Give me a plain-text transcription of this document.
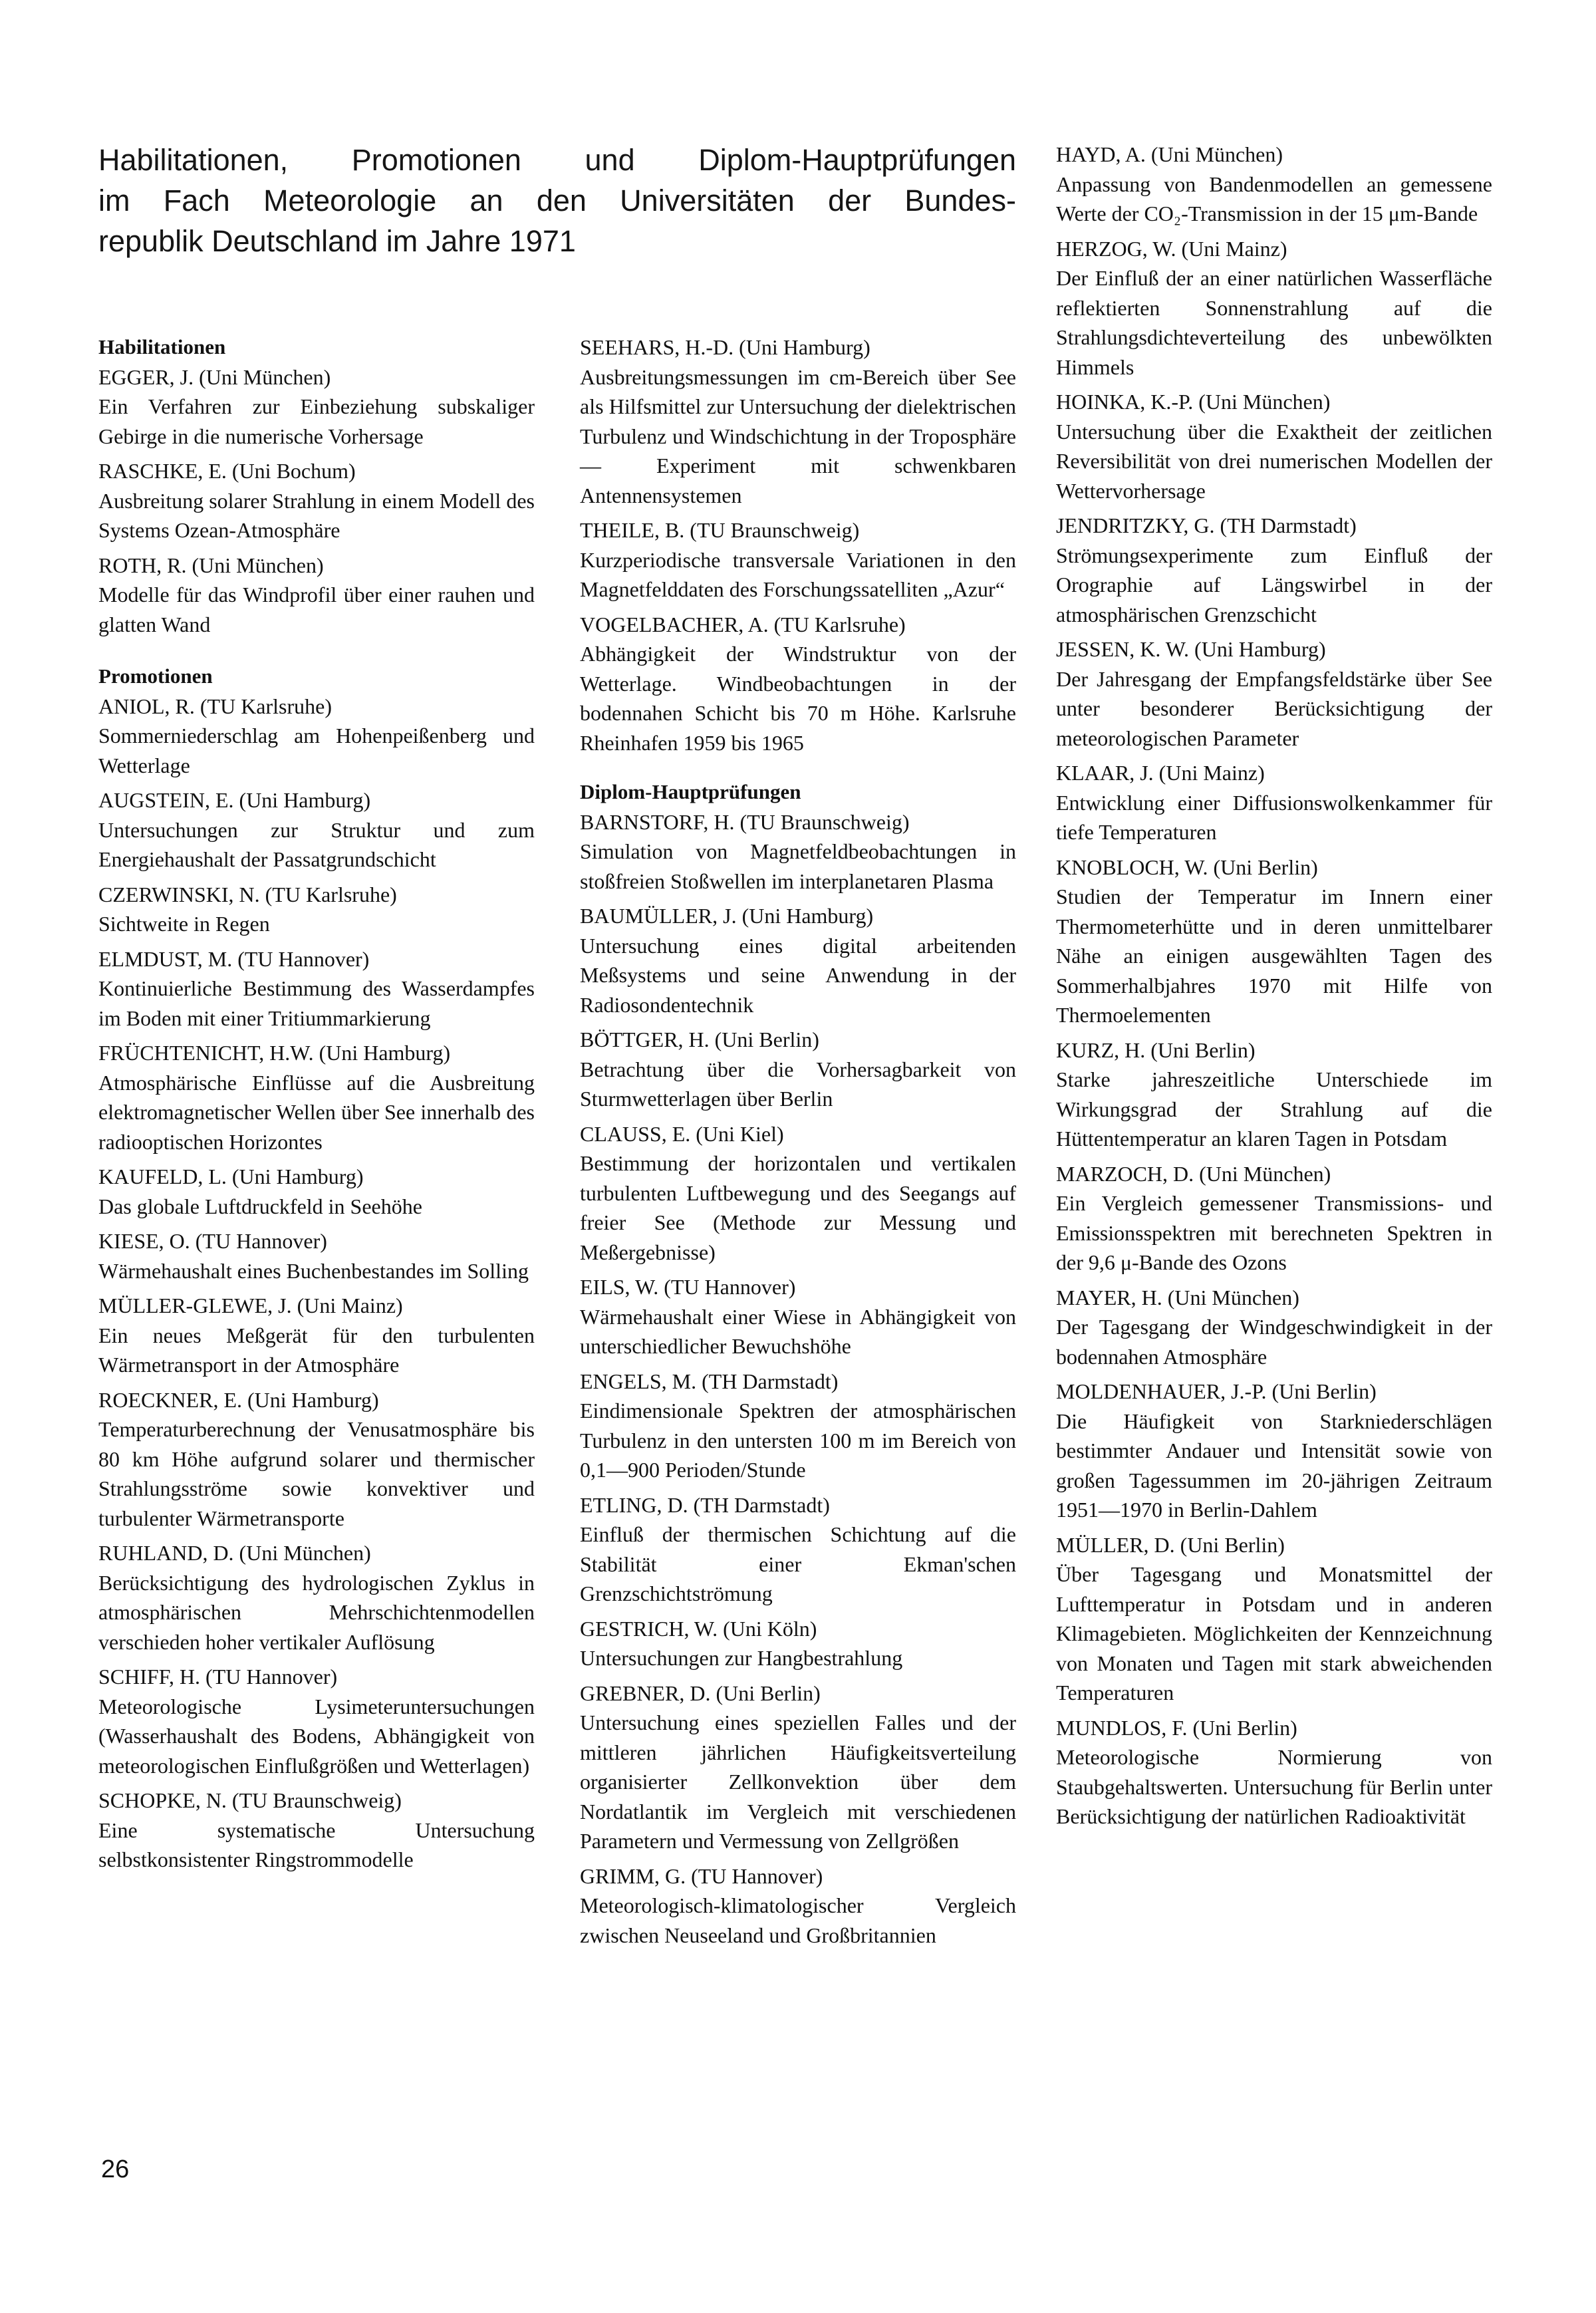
Habilitationen, Promotionen und Diplom-Hauptprüfungen
im Fach Meteorologie an den Universitäten der Bundes-
republik Deutschland im Jahre 1971
Habilitationen
EGGER, J. (Uni München)
Ein Verfahren zur Einbeziehung subskaliger Gebirge in die numerische Vorhersage
RASCHKE, E. (Uni Bochum)
Ausbreitung solarer Strahlung in einem Modell des Systems Ozean-Atmosphäre
ROTH, R. (Uni München)
Modelle für das Windprofil über einer rauhen und glatten Wand
Promotionen
ANIOL, R. (TU Karlsruhe)
Sommerniederschlag am Hohenpeißenberg und Wetterlage
AUGSTEIN, E. (Uni Hamburg)
Untersuchungen zur Struktur und zum Energiehaushalt der Passatgrundschicht
CZERWINSKI, N. (TU Karlsruhe)
Sichtweite in Regen
ELMDUST, M. (TU Hannover)
Kontinuierliche Bestimmung des Wasserdampfes im Boden mit einer Tritiummarkierung
FRÜCHTENICHT, H.W. (Uni Hamburg)
Atmosphärische Einflüsse auf die Ausbreitung elektromagnetischer Wellen über See innerhalb des radiooptischen Horizontes
KAUFELD, L. (Uni Hamburg)
Das globale Luftdruckfeld in Seehöhe
KIESE, O. (TU Hannover)
Wärmehaushalt eines Buchenbestandes im Solling
MÜLLER-GLEWE, J. (Uni Mainz)
Ein neues Meßgerät für den turbulenten Wärmetransport in der Atmosphäre
ROECKNER, E. (Uni Hamburg)
Temperaturberechnung der Venusatmosphäre bis 80 km Höhe aufgrund solarer und thermischer Strahlungsströme sowie konvektiver und turbulenter Wärmetransporte
RUHLAND, D. (Uni München)
Berücksichtigung des hydrologischen Zyklus in atmosphärischen Mehrschichtenmodellen verschieden hoher vertikaler Auflösung
SCHIFF, H. (TU Hannover)
Meteorologische Lysimeteruntersuchungen (Wasserhaushalt des Bodens, Abhängigkeit von meteorologischen Einflußgrößen und Wetterlagen)
SCHOPKE, N. (TU Braunschweig)
Eine systematische Untersuchung selbstkonsistenter Ringstrommodelle
SEEHARS, H.-D. (Uni Hamburg)
Ausbreitungsmessungen im cm-Bereich über See als Hilfsmittel zur Untersuchung der dielektrischen Turbulenz und Windschichtung in der Troposphäre — Experiment mit schwenkbaren Antennensystemen
THEILE, B. (TU Braunschweig)
Kurzperiodische transversale Variationen in den Magnetfelddaten des Forschungssatelliten „Azur“
VOGELBACHER, A. (TU Karlsruhe)
Abhängigkeit der Windstruktur von der Wetterlage. Windbeobachtungen in der bodennahen Schicht bis 70 m Höhe. Karlsruhe Rheinhafen 1959 bis 1965
Diplom-Hauptprüfungen
BARNSTORF, H. (TU Braunschweig)
Simulation von Magnetfeldbeobachtungen in stoßfreien Stoßwellen im interplanetaren Plasma
BAUMÜLLER, J. (Uni Hamburg)
Untersuchung eines digital arbeitenden Meßsystems und seine Anwendung in der Radiosondentechnik
BÖTTGER, H. (Uni Berlin)
Betrachtung über die Vorhersagbarkeit von Sturmwetterlagen über Berlin
CLAUSS, E. (Uni Kiel)
Bestimmung der horizontalen und vertikalen turbulenten Luftbewegung und des Seegangs auf freier See (Methode zur Messung und Meßergebnisse)
EILS, W. (TU Hannover)
Wärmehaushalt einer Wiese in Abhängigkeit von unterschiedlicher Bewuchshöhe
ENGELS, M. (TH Darmstadt)
Eindimensionale Spektren der atmosphärischen Turbulenz in den untersten 100 m im Bereich von 0,1—900 Perioden/Stunde
ETLING, D. (TH Darmstadt)
Einfluß der thermischen Schichtung auf die Stabilität einer Ekman'schen Grenzschichtströmung
GESTRICH, W. (Uni Köln)
Untersuchungen zur Hangbestrahlung
GREBNER, D. (Uni Berlin)
Untersuchung eines speziellen Falles und der mittleren jährlichen Häufigkeitsverteilung organisierter Zellkonvektion über dem Nordatlantik im Vergleich mit verschiedenen Parametern und Vermessung von Zellgrößen
GRIMM, G. (TU Hannover)
Meteorologisch-klimatologischer Vergleich zwischen Neuseeland und Großbritannien
HAYD, A. (Uni München)
Anpassung von Bandenmodellen an gemessene Werte der CO₂-Transmission in der 15 μm-Bande
HERZOG, W. (Uni Mainz)
Der Einfluß der an einer natürlichen Wasserfläche reflektierten Sonnenstrahlung auf die Strahlungsdichteverteilung des unbewölkten Himmels
HOINKA, K.-P. (Uni München)
Untersuchung über die Exaktheit der zeitlichen Reversibilität von drei numerischen Modellen der Wettervorhersage
JENDRITZKY, G. (TH Darmstadt)
Strömungsexperimente zum Einfluß der Orographie auf Längswirbel in der atmosphärischen Grenzschicht
JESSEN, K. W. (Uni Hamburg)
Der Jahresgang der Empfangsfeldstärke über See unter besonderer Berücksichtigung der meteorologischen Parameter
KLAAR, J. (Uni Mainz)
Entwicklung einer Diffusionswolkenkammer für tiefe Temperaturen
KNOBLOCH, W. (Uni Berlin)
Studien der Temperatur im Innern einer Thermometerhütte und in deren unmittelbarer Nähe an einigen ausgewählten Tagen des Sommerhalbjahres 1970 mit Hilfe von Thermoelementen
KURZ, H. (Uni Berlin)
Starke jahreszeitliche Unterschiede im Wirkungsgrad der Strahlung auf die Hüttentemperatur an klaren Tagen in Potsdam
MARZOCH, D. (Uni München)
Ein Vergleich gemessener Transmissions- und Emissionsspektren mit berechneten Spektren in der 9,6 μ-Bande des Ozons
MAYER, H. (Uni München)
Der Tagesgang der Windgeschwindigkeit in der bodennahen Atmosphäre
MOLDENHAUER, J.-P. (Uni Berlin)
Die Häufigkeit von Starkniederschlägen bestimmter Andauer und Intensität sowie von großen Tagessummen im 20-jährigen Zeitraum 1951—1970 in Berlin-Dahlem
MÜLLER, D. (Uni Berlin)
Über Tagesgang und Monatsmittel der Lufttemperatur in Potsdam und in anderen Klimagebieten. Möglichkeiten der Kennzeichnung von Monaten und Tagen mit stark abweichenden Temperaturen
MUNDLOS, F. (Uni Berlin)
Meteorologische Normierung von Staubgehaltswerten. Untersuchung für Berlin unter Berücksichtigung der natürlichen Radioaktivität
26
